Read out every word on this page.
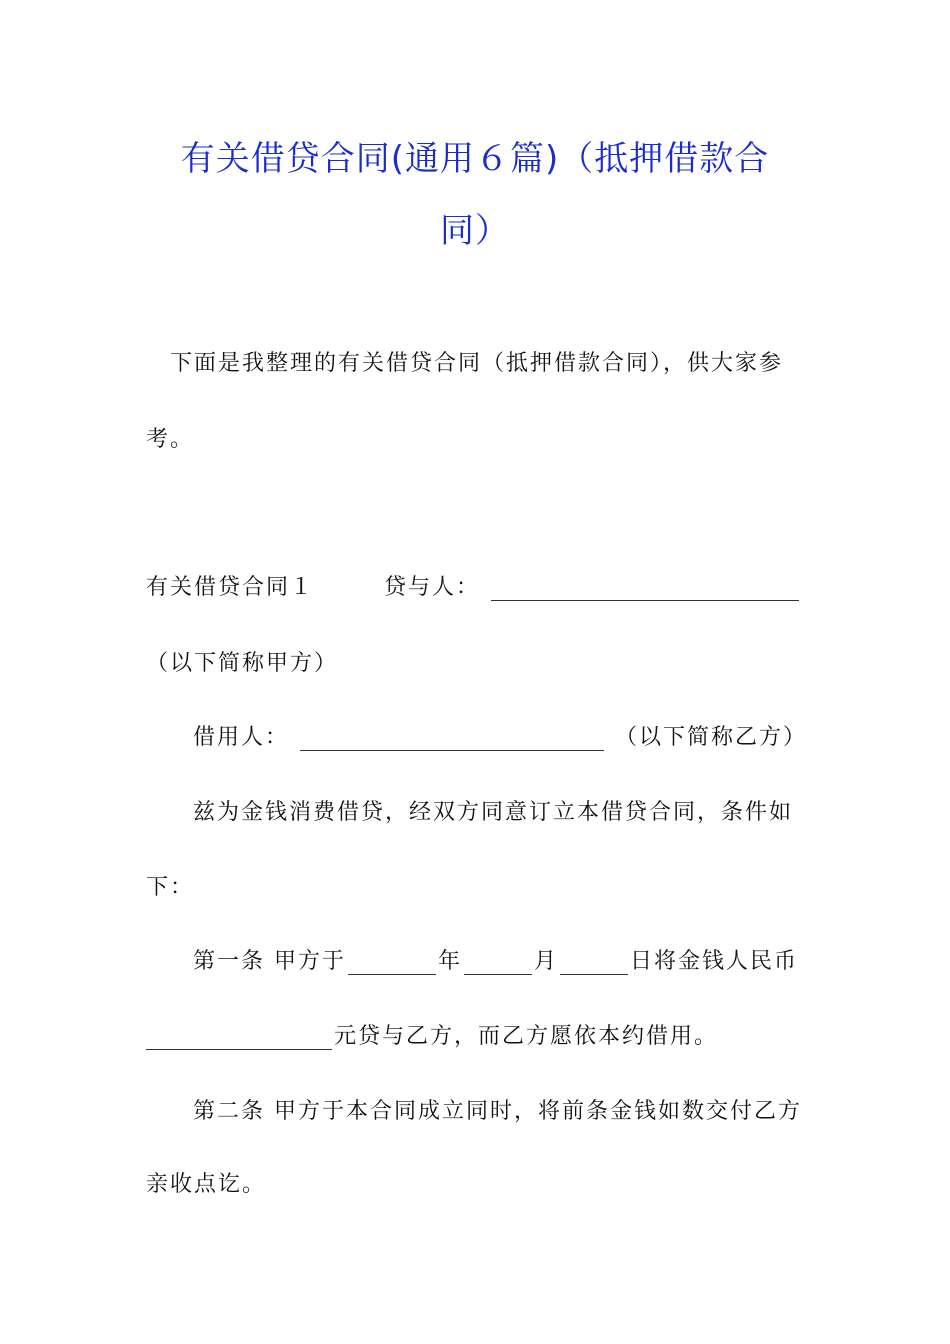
有关借贷合同(通用６篇)（抵押借款合
同）
下面是我整理的有关借贷合同（抵押借款合同），供大家参
考。
有关借贷合同１	贷与人：
（以下简称甲方）
借用人：	（以下简称乙方）
兹为金钱消费借贷，经双方同意订立本借贷合同，条件如
下：
第一条 甲方于	年	月	日将金钱人民币
元贷与乙方，而乙方愿依本约借用。
第二条 甲方于本合同成立同时，将前条金钱如数交付乙方
亲收点讫。
